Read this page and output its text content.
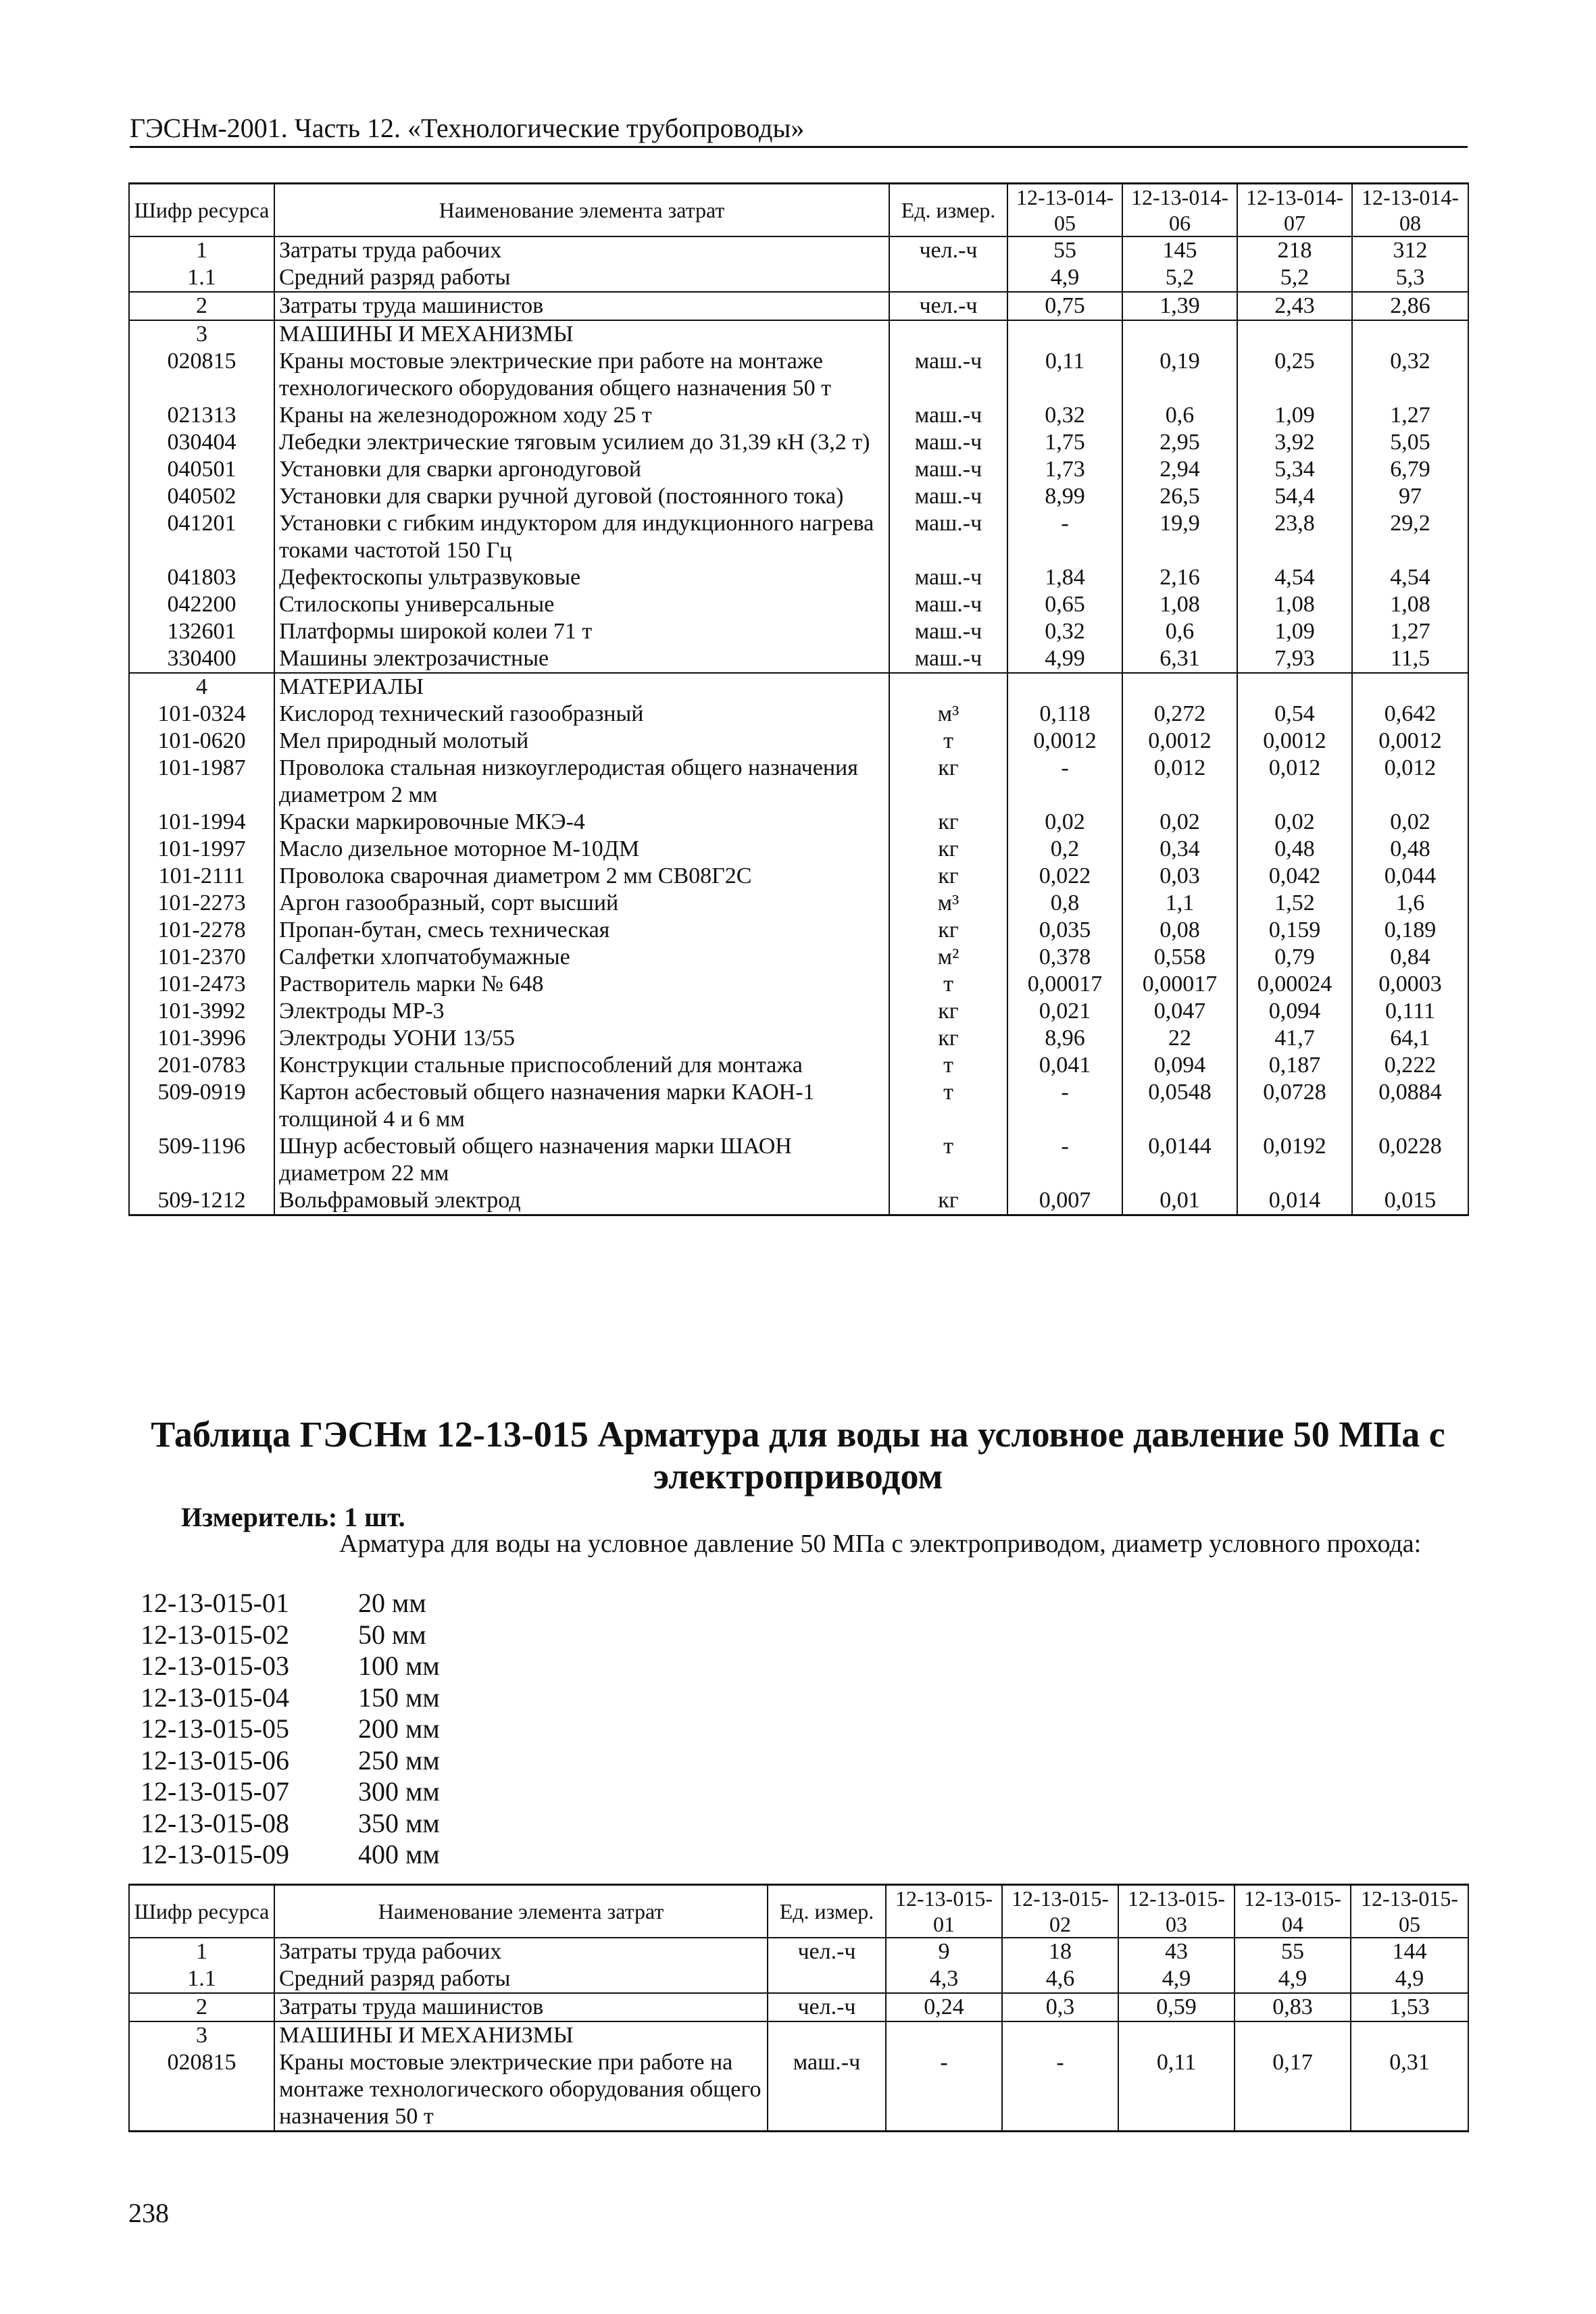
ГЭСНм-2001. Часть 12. «Технологические трубопроводы»
Шифр ресурса	Наименование элемента затрат	Ед. измер.	12-13-014-05	12-13-014-06	12-13-014-07	12-13-014-08
1	Затраты труда рабочих	чел.-ч	55	145	218	312
1.1	Средний разряд работы		4,9	5,2	5,2	5,3
2	Затраты труда машинистов	чел.-ч	0,75	1,39	2,43	2,86
3	МАШИНЫ И МЕХАНИЗМЫ					
020815	Краны мостовые электрические при работе на монтаже технологического оборудования общего назначения 50 т	маш.-ч	0,11	0,19	0,25	0,32
021313	Краны на железнодорожном ходу 25 т	маш.-ч	0,32	0,6	1,09	1,27
030404	Лебедки электрические тяговым усилием до 31,39 кН (3,2 т)	маш.-ч	1,75	2,95	3,92	5,05
040501	Установки для сварки аргонодуговой	маш.-ч	1,73	2,94	5,34	6,79
040502	Установки для сварки ручной дуговой (постоянного тока)	маш.-ч	8,99	26,5	54,4	97
041201	Установки с гибким индуктором для индукционного нагрева токами частотой 150 Гц	маш.-ч	-	19,9	23,8	29,2
041803	Дефектоскопы ультразвуковые	маш.-ч	1,84	2,16	4,54	4,54
042200	Стилоскопы универсальные	маш.-ч	0,65	1,08	1,08	1,08
132601	Платформы широкой колеи 71 т	маш.-ч	0,32	0,6	1,09	1,27
330400	Машины электрозачистные	маш.-ч	4,99	6,31	7,93	11,5
4	МАТЕРИАЛЫ					
101-0324	Кислород технический газообразный	м³	0,118	0,272	0,54	0,642
101-0620	Мел природный молотый	т	0,0012	0,0012	0,0012	0,0012
101-1987	Проволока стальная низкоуглеродистая общего назначения диаметром 2 мм	кг	-	0,012	0,012	0,012
101-1994	Краски маркировочные МКЭ-4	кг	0,02	0,02	0,02	0,02
101-1997	Масло дизельное моторное М-10ДМ	кг	0,2	0,34	0,48	0,48
101-2111	Проволока сварочная диаметром 2 мм СВ08Г2С	кг	0,022	0,03	0,042	0,044
101-2273	Аргон газообразный, сорт высший	м³	0,8	1,1	1,52	1,6
101-2278	Пропан-бутан, смесь техническая	кг	0,035	0,08	0,159	0,189
101-2370	Салфетки хлопчатобумажные	м²	0,378	0,558	0,79	0,84
101-2473	Растворитель марки № 648	т	0,00017	0,00017	0,00024	0,0003
101-3992	Электроды МР-3	кг	0,021	0,047	0,094	0,111
101-3996	Электроды УОНИ 13/55	кг	8,96	22	41,7	64,1
201-0783	Конструкции стальные приспособлений для монтажа	т	0,041	0,094	0,187	0,222
509-0919	Картон асбестовый общего назначения марки КАОН-1 толщиной 4 и 6 мм	т	-	0,0548	0,0728	0,0884
509-1196	Шнур асбестовый общего назначения марки ШАОН диаметром 22 мм	т	-	0,0144	0,0192	0,0228
509-1212	Вольфрамовый электрод	кг	0,007	0,01	0,014	0,015
Таблица ГЭСНм 12-13-015 Арматура для воды на условное давление 50 МПа с электроприводом
Измеритель: 1 шт.
Арматура для воды на условное давление 50 МПа с электроприводом, диаметр условного прохода:
12-13-015-01	20 мм
12-13-015-02	50 мм
12-13-015-03	100 мм
12-13-015-04	150 мм
12-13-015-05	200 мм
12-13-015-06	250 мм
12-13-015-07	300 мм
12-13-015-08	350 мм
12-13-015-09	400 мм
Шифр ресурса	Наименование элемента затрат	Ед. измер.	12-13-015-01	12-13-015-02	12-13-015-03	12-13-015-04	12-13-015-05
1	Затраты труда рабочих	чел.-ч	9	18	43	55	144
1.1	Средний разряд работы		4,3	4,6	4,9	4,9	4,9
2	Затраты труда машинистов	чел.-ч	0,24	0,3	0,59	0,83	1,53
3	МАШИНЫ И МЕХАНИЗМЫ						
020815	Краны мостовые электрические при работе на монтаже технологического оборудования общего назначения 50 т	маш.-ч	-	-	0,11	0,17	0,31
238
